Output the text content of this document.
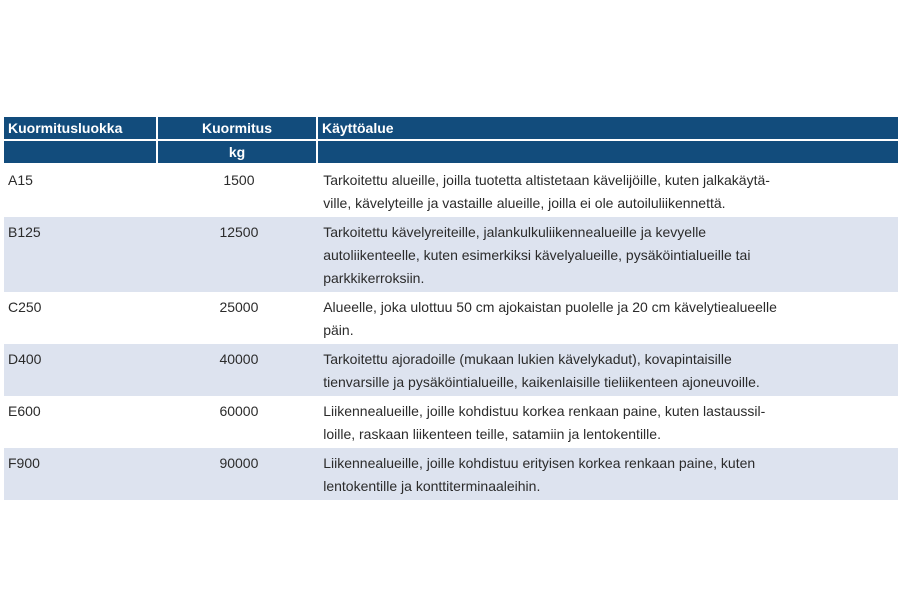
Kuormitusluokka	Kuormitus	Käyttöalue
kg
A15	1500	Tarkoitettu alueille, joilla tuotetta altistetaan kävelijöille, kuten jalkakäytä-
ville, kävelyteille ja vastaille alueille, joilla ei ole autoiluliikennettä.
B125	12500	Tarkoitettu kävelyreiteille, jalankulkuliikennealueille ja kevyelle
autoliikenteelle, kuten esimerkiksi kävelyalueille, pysäköintialueille tai
parkkikerroksiin.
C250	25000	Alueelle, joka ulottuu 50 cm ajokaistan puolelle ja 20 cm kävelytiealueelle
päin.
D400	40000	Tarkoitettu ajoradoille (mukaan lukien kävelykadut), kovapintaisille
tienvarsille ja pysäköintialueille, kaikenlaisille tieliikenteen ajoneuvoille.
E600	60000	Liikennealueille, joille kohdistuu korkea renkaan paine, kuten lastaussil-
loille, raskaan liikenteen teille, satamiin ja lentokentille.
F900	90000	Liikennealueille, joille kohdistuu erityisen korkea renkaan paine, kuten
lentokentille ja konttiterminaaleihin.
